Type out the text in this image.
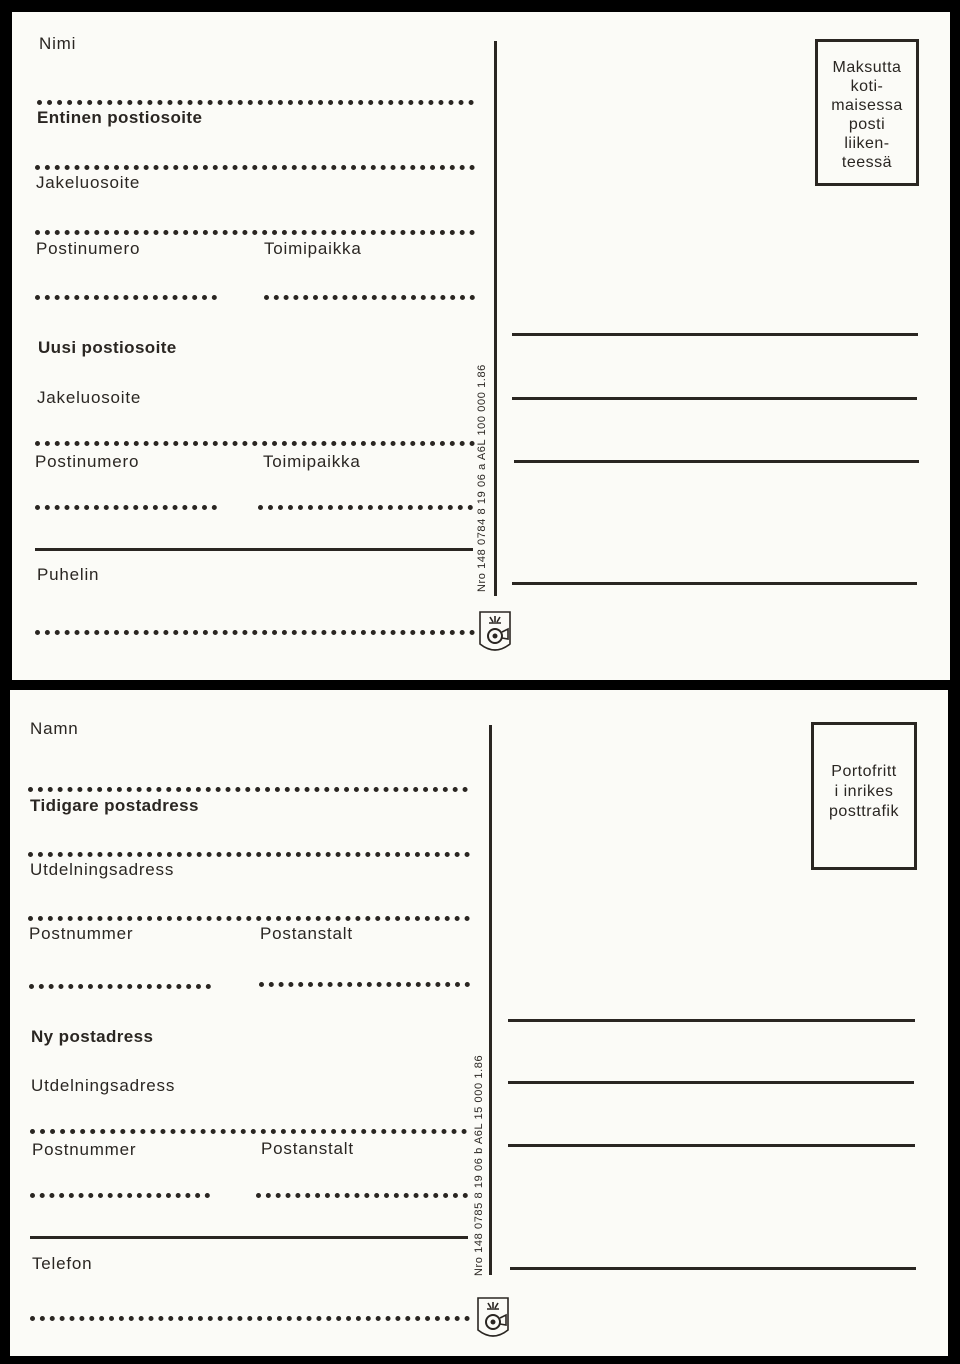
Nimi
Entinen postiosoite
Jakeluosoite
Postinumero	Toimipaikka
Uusi postiosoite
Jakeluosoite
Postinumero	Toimipaikka
Puhelin	Nro 148 0784 8 19 06 a A6L 100 000 1.86
Maksutta
koti-
maisessa
posti
liiken-
teessä
Namn
Tidigare postadress
Utdelningsadress
Postnummer	Postanstalt
Ny postadress
Utdelningsadress
Postnummer	Postanstalt
Telefon	Nro 148 0785 8 19 06 b A6L 15 000 1.86
Portofritt
i inrikes
posttrafik
